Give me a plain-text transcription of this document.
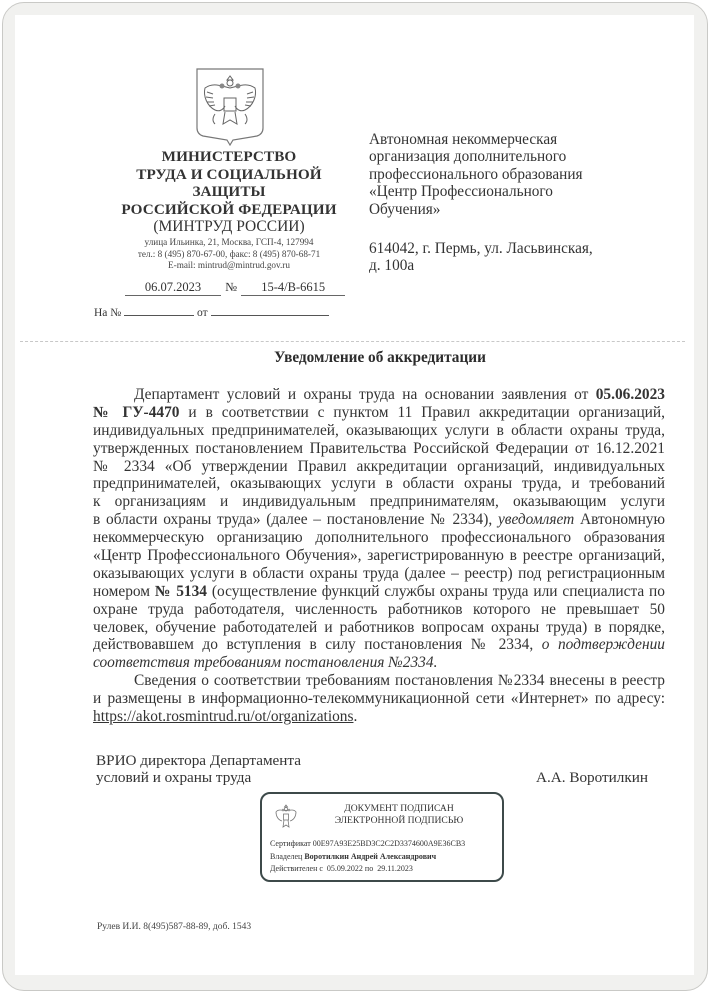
МИНИСТЕРСТВО
ТРУДА И СОЦИАЛЬНОЙ
ЗАЩИТЫ
РОССИЙСКОЙ ФЕДЕРАЦИИ
(МИНТРУД РОССИИ)
улица Ильинка, 21, Москва, ГСП-4, 127994
тел.: 8 (495) 870-67-00, факс: 8 (495) 870-68-71
E-mail: mintrud@mintrud.gov.ru
06.07.2023 № 15-4/В-6615
На №	от
Автономная некоммерческая
организация дополнительного
профессионального образования
«Центр Профессионального
Обучения»
614042, г. Пермь, ул. Ласьвинская,
д. 100а
Уведомление об аккредитации
Департамент условий и охраны труда на основании заявления от 05.06.2023
№ ГУ-4470 и в соответствии с пунктом 11 Правил аккредитации организаций,
индивидуальных предпринимателей, оказывающих услуги в области охраны труда,
утвержденных постановлением Правительства Российской Федерации от 16.12.2021
№ 2334 «Об утверждении Правил аккредитации организаций, индивидуальных
предпринимателей, оказывающих услуги в области охраны труда, и требований
к организациям и индивидуальным предпринимателям, оказывающим услуги
в области охраны труда» (далее – постановление № 2334), уведомляет Автономную
некоммерческую организацию дополнительного профессионального образования
«Центр Профессионального Обучения», зарегистрированную в реестре организаций,
оказывающих услуги в области охраны труда (далее – реестр) под регистрационным
номером № 5134 (осуществление функций службы охраны труда или специалиста по
охране труда работодателя, численность работников которого не превышает 50
человек, обучение работодателей и работников вопросам охраны труда) в порядке,
действовавшем до вступления в силу постановления № 2334, о подтверждении
соответствия требованиям постановления №2334.
Сведения о соответствии требованиям постановления №2334 внесены в реестр
и размещены в информационно-телекоммуникационной сети «Интернет» по адресу:
https://akot.rosmintrud.ru/ot/organizations.
ВРИО директора Департамента
условий и охраны труда	А.А. Воротилкин
ДОКУМЕНТ ПОДПИСАН
ЭЛЕКТРОННОЙ ПОДПИСЬЮ
Сертификат 00E97A93E25BD3C2C2D3374600A9E36CB3
Владелец Воротилкин Андрей Александрович
Действителен с 05.09.2022 по 29.11.2023
Рулев И.И. 8(495)587-88-89, доб. 1543
